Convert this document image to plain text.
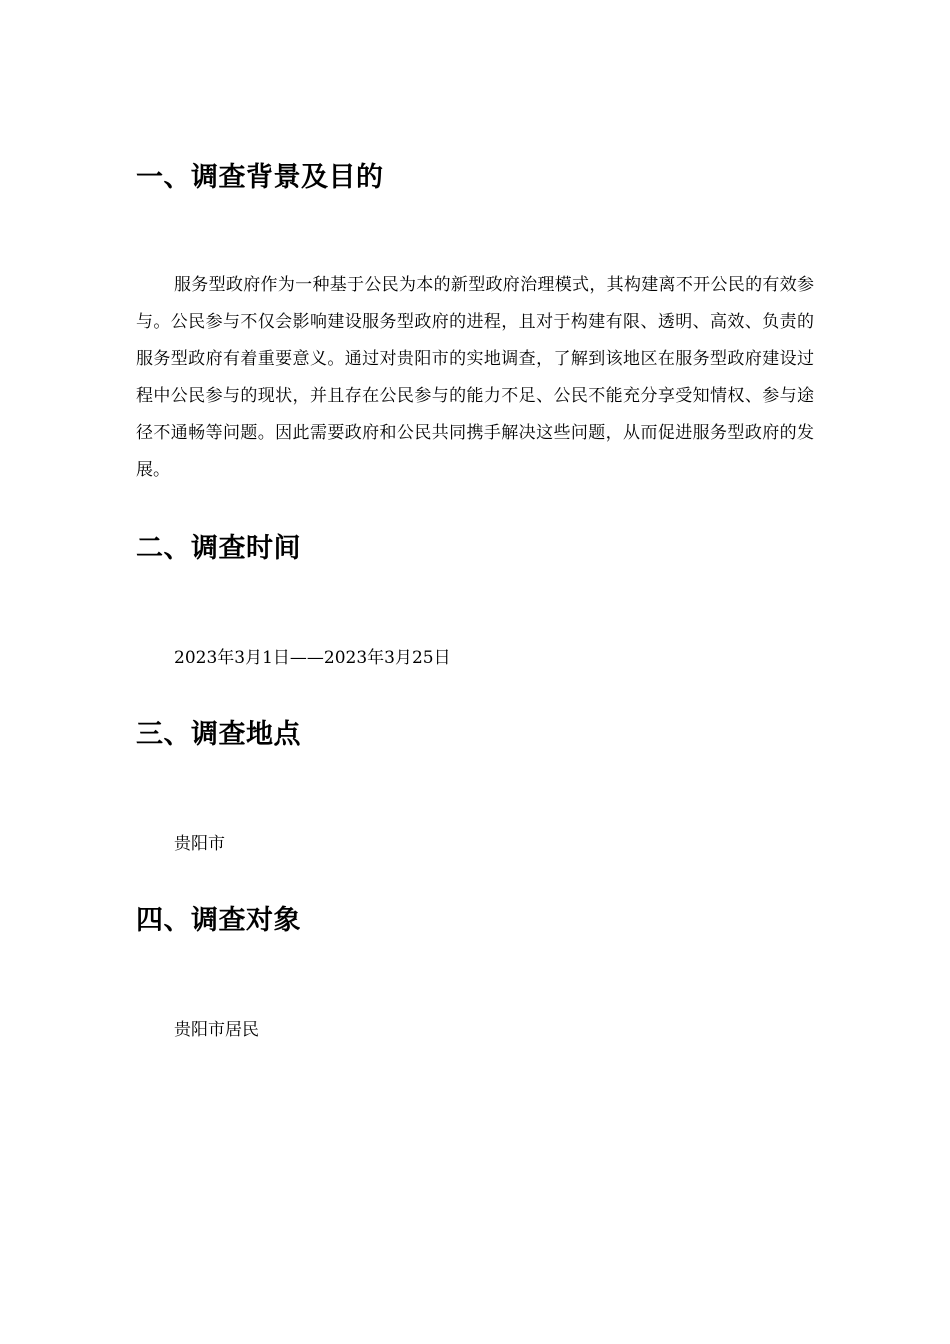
一、调查背景及目的

服务型政府作为一种基于公民为本的新型政府治理模式，其构建离不开公民的有效参与。公民参与不仅会影响建设服务型政府的进程，且对于构建有限、透明、高效、负责的服务型政府有着重要意义。通过对贵阳市的实地调查，了解到该地区在服务型政府建设过程中公民参与的现状，并且存在公民参与的能力不足、公民不能充分享受知情权、参与途径不通畅等问题。因此需要政府和公民共同携手解决这些问题，从而促进服务型政府的发展。

二、调查时间

2023年3月1日——2023年3月25日

三、调查地点

贵阳市

四、调查对象

贵阳市居民
